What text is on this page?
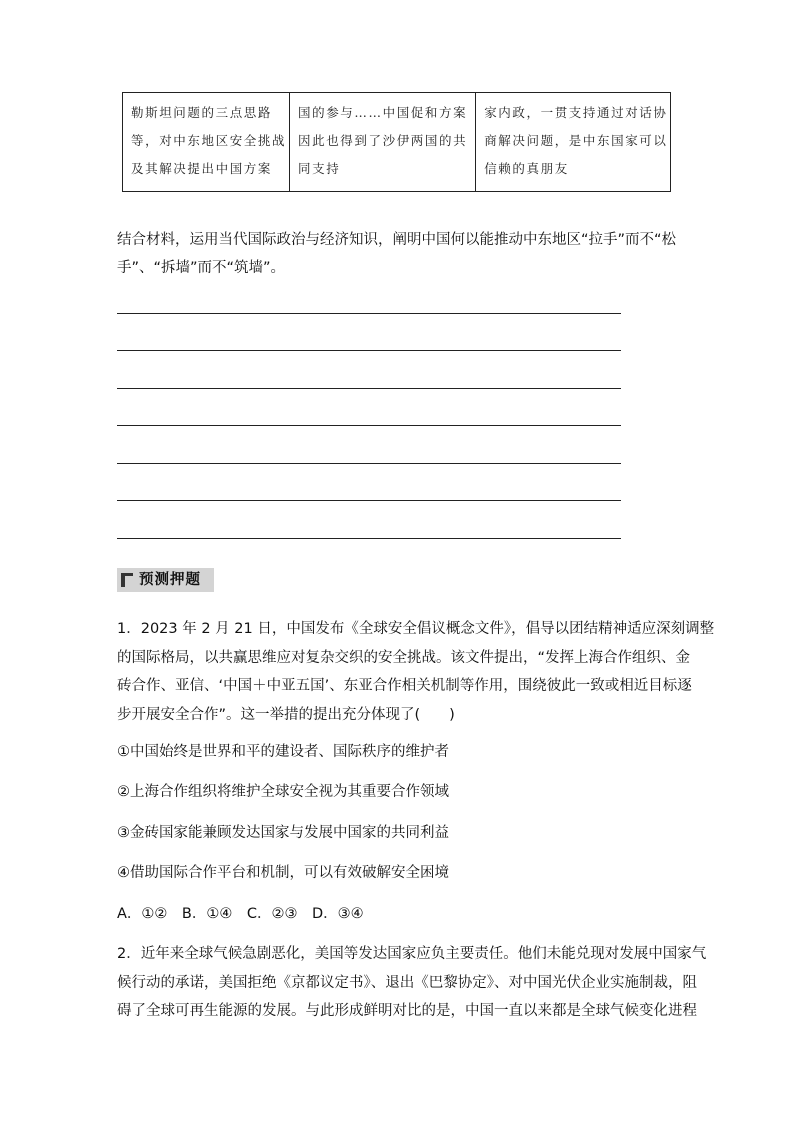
勒斯坦问题的三点思路
等，对中东地区安全挑战
及其解决提出中国方案
国的参与……中国促和方案
因此也得到了沙伊两国的共
同支持
家内政，一贯支持通过对话协
商解决问题，是中东国家可以
信赖的真朋友
结合材料，运用当代国际政治与经济知识，阐明中国何以能推动中东地区“拉手”而不“松
手”、“拆墙”而不“筑墙”。
预测押题
1．2023 年 2 月 21 日，中国发布《全球安全倡议概念文件》，倡导以团结精神适应深刻调整
的国际格局，以共赢思维应对复杂交织的安全挑战。该文件提出，“发挥上海合作组织、金
砖合作、亚信、‘中国＋中亚五国’、东亚合作相关机制等作用，围绕彼此一致或相近目标逐
步开展安全合作”。这一举措的提出充分体现了(　　)
①中国始终是世界和平的建设者、国际秩序的维护者
②上海合作组织将维护全球安全视为其重要合作领域
③金砖国家能兼顾发达国家与发展中国家的共同利益
④借助国际合作平台和机制，可以有效破解安全困境
A．①②　B．①④　C．②③　D．③④
2．近年来全球气候急剧恶化，美国等发达国家应负主要责任。他们未能兑现对发展中国家气
候行动的承诺，美国拒绝《京都议定书》、退出《巴黎协定》、对中国光伏企业实施制裁，阻
碍了全球可再生能源的发展。与此形成鲜明对比的是，中国一直以来都是全球气候变化进程
